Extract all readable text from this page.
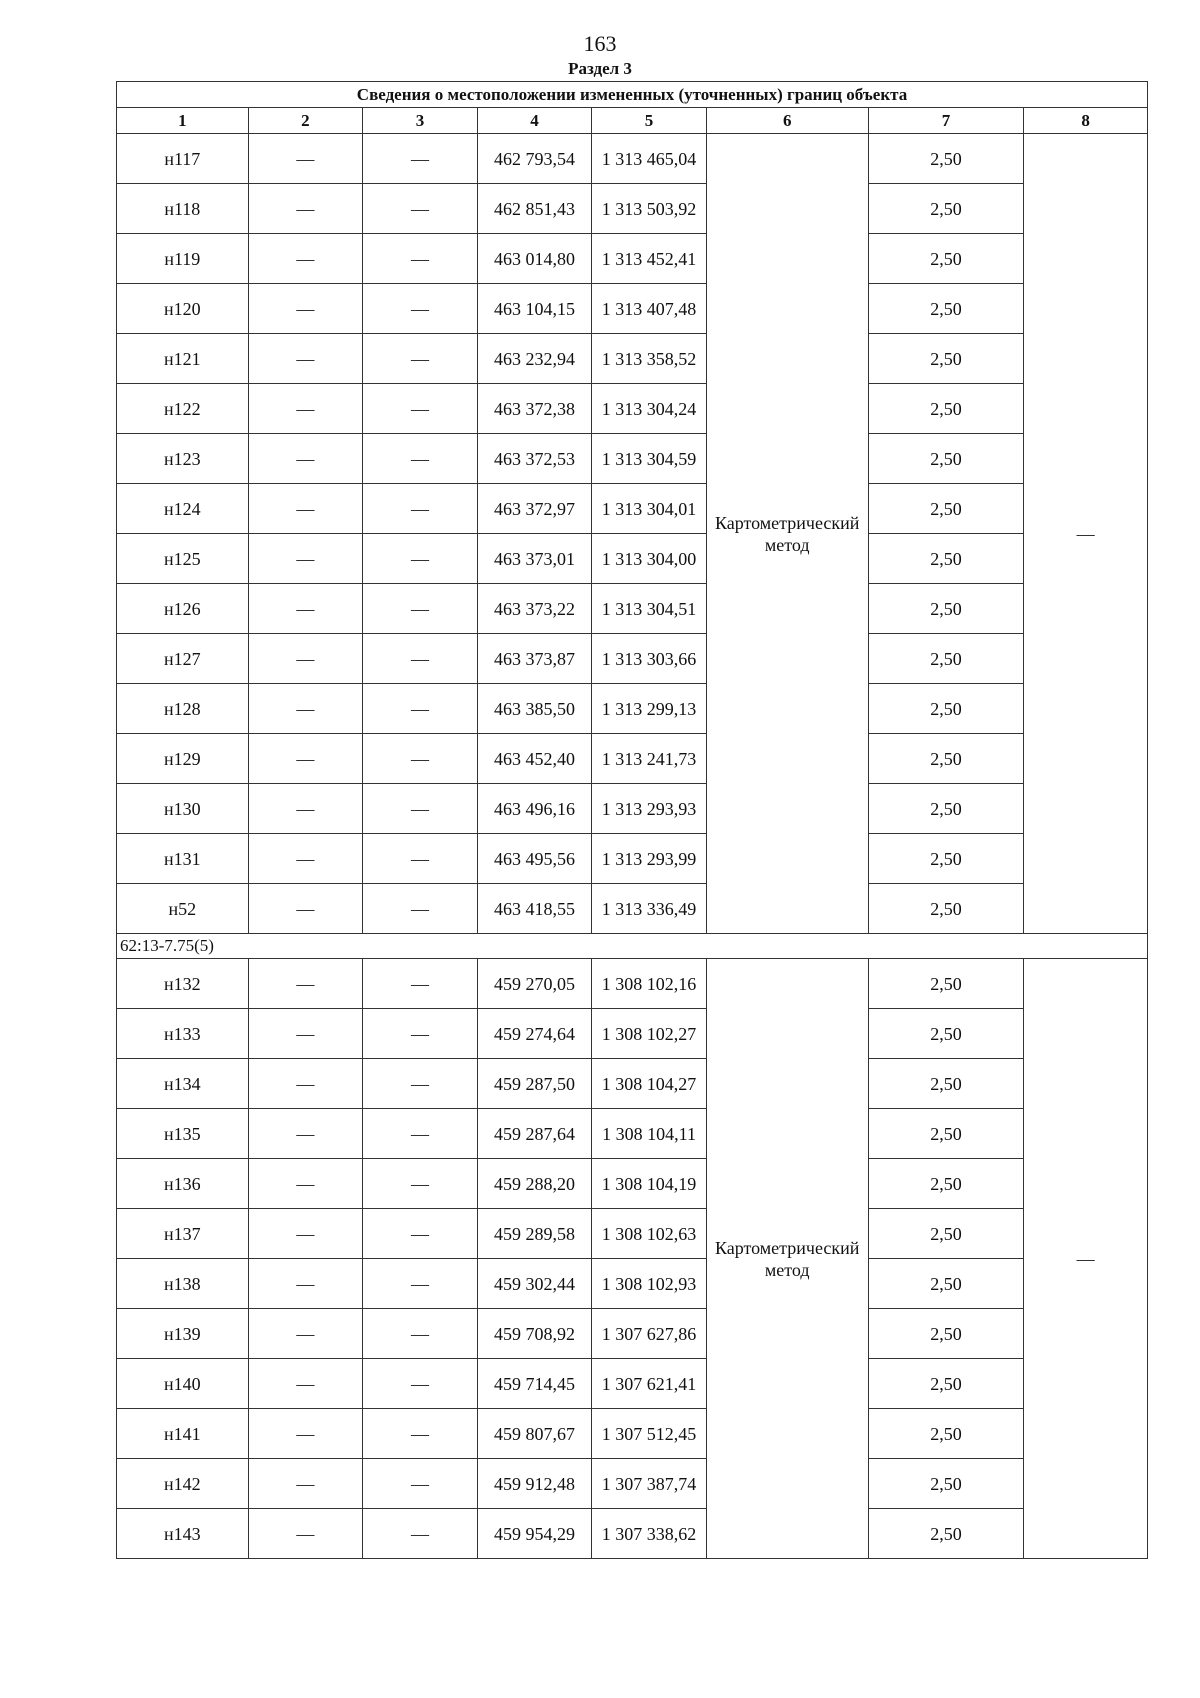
163
Раздел 3
Сведения о местоположении измененных (уточненных) границ объекта							
1	2	3	4	5	6	7	8
н117	—	—	462 793,54	1 313 465,04	Картометрический метод	2,50	—
н118	—	—	462 851,43	1 313 503,92		2,50	
н119	—	—	463 014,80	1 313 452,41		2,50	
н120	—	—	463 104,15	1 313 407,48		2,50	
н121	—	—	463 232,94	1 313 358,52		2,50	
н122	—	—	463 372,38	1 313 304,24		2,50	
н123	—	—	463 372,53	1 313 304,59		2,50	
н124	—	—	463 372,97	1 313 304,01		2,50	
н125	—	—	463 373,01	1 313 304,00		2,50	
н126	—	—	463 373,22	1 313 304,51		2,50	
н127	—	—	463 373,87	1 313 303,66		2,50	
н128	—	—	463 385,50	1 313 299,13		2,50	
н129	—	—	463 452,40	1 313 241,73		2,50	
н130	—	—	463 496,16	1 313 293,93		2,50	
н131	—	—	463 495,56	1 313 293,99		2,50	
н52	—	—	463 418,55	1 313 336,49		2,50	
62:13-7.75(5)							
н132	—	—	459 270,05	1 308 102,16	Картометрический метод	2,50	—
н133	—	—	459 274,64	1 308 102,27		2,50	
н134	—	—	459 287,50	1 308 104,27		2,50	
н135	—	—	459 287,64	1 308 104,11		2,50	
н136	—	—	459 288,20	1 308 104,19		2,50	
н137	—	—	459 289,58	1 308 102,63		2,50	
н138	—	—	459 302,44	1 308 102,93		2,50	
н139	—	—	459 708,92	1 307 627,86		2,50	
н140	—	—	459 714,45	1 307 621,41		2,50	
н141	—	—	459 807,67	1 307 512,45		2,50	
н142	—	—	459 912,48	1 307 387,74		2,50	
н143	—	—	459 954,29	1 307 338,62		2,50	
